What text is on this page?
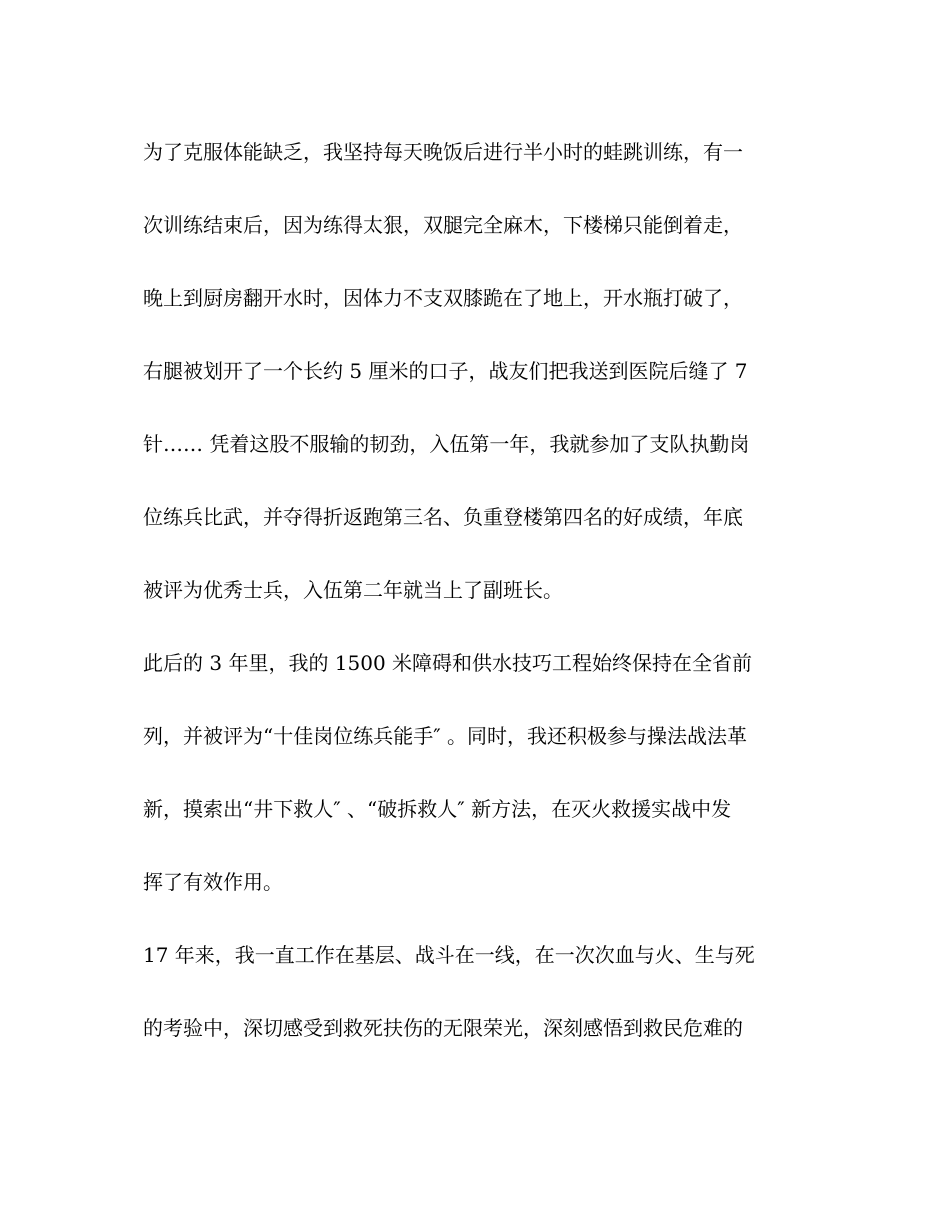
为了克服体能缺乏，我坚持每天晚饭后进行半小时的蛙跳训练，有一
次训练结束后，因为练得太狠，双腿完全麻木，下楼梯只能倒着走，
晚上到厨房翻开水时，因体力不支双膝跪在了地上，开水瓶打破了，
右腿被划开了一个长约 5 厘米的口子，战友们把我送到医院后缝了 7
针…… 凭着这股不服输的韧劲，入伍第一年，我就参加了支队执勤岗
位练兵比武，并夺得折返跑第三名、负重登楼第四名的好成绩，年底
被评为优秀士兵，入伍第二年就当上了副班长。
此后的 3 年里，我的 1500 米障碍和供水技巧工程始终保持在全省前
列，并被评为“十佳岗位练兵能手″ 。同时，我还积极参与操法战法革
新，摸索出“井下救人″ 、“破拆救人″ 新方法，在灭火救援实战中发
挥了有效作用。
17 年来，我一直工作在基层、战斗在一线，在一次次血与火、生与死
的考验中，深切感受到救死扶伤的无限荣光，深刻感悟到救民危难的
